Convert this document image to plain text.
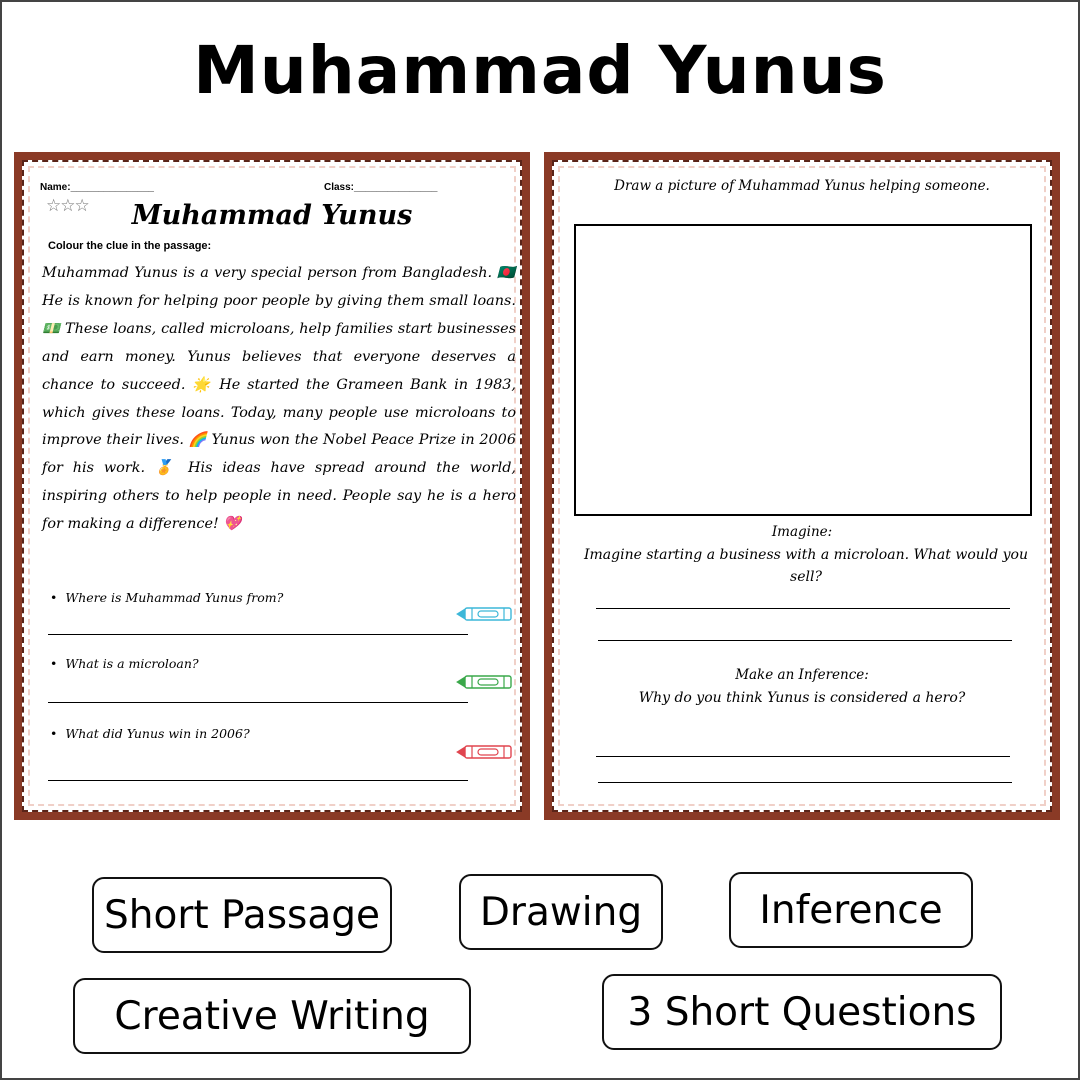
Muhammad Yunus
Name:_______________	Class:_______________
☆☆☆	Muhammad Yunus
Colour the clue in the passage:
Muhammad Yunus is a very special person from Bangladesh. 🇧🇩 He is known for helping poor people by giving them small loans. 💵 These loans, called microloans, help families start businesses and earn money. Yunus believes that everyone deserves a chance to succeed. 🌟 He started the Grameen Bank in 1983, which gives these loans. Today, many people use microloans to improve their lives. 🌈 Yunus won the Nobel Peace Prize in 2006 for his work. 🏅 His ideas have spread around the world, inspiring others to help people in need. People say he is a hero for making a difference! 💖
• Where is Muhammad Yunus from?
• What is a microloan?
• What did Yunus win in 2006?
Draw a picture of Muhammad Yunus helping someone.
Imagine:
Imagine starting a business with a microloan. What would you sell?
Make an Inference:
Why do you think Yunus is considered a hero?
Short Passage	Drawing	Inference
Creative Writing	3 Short Questions
